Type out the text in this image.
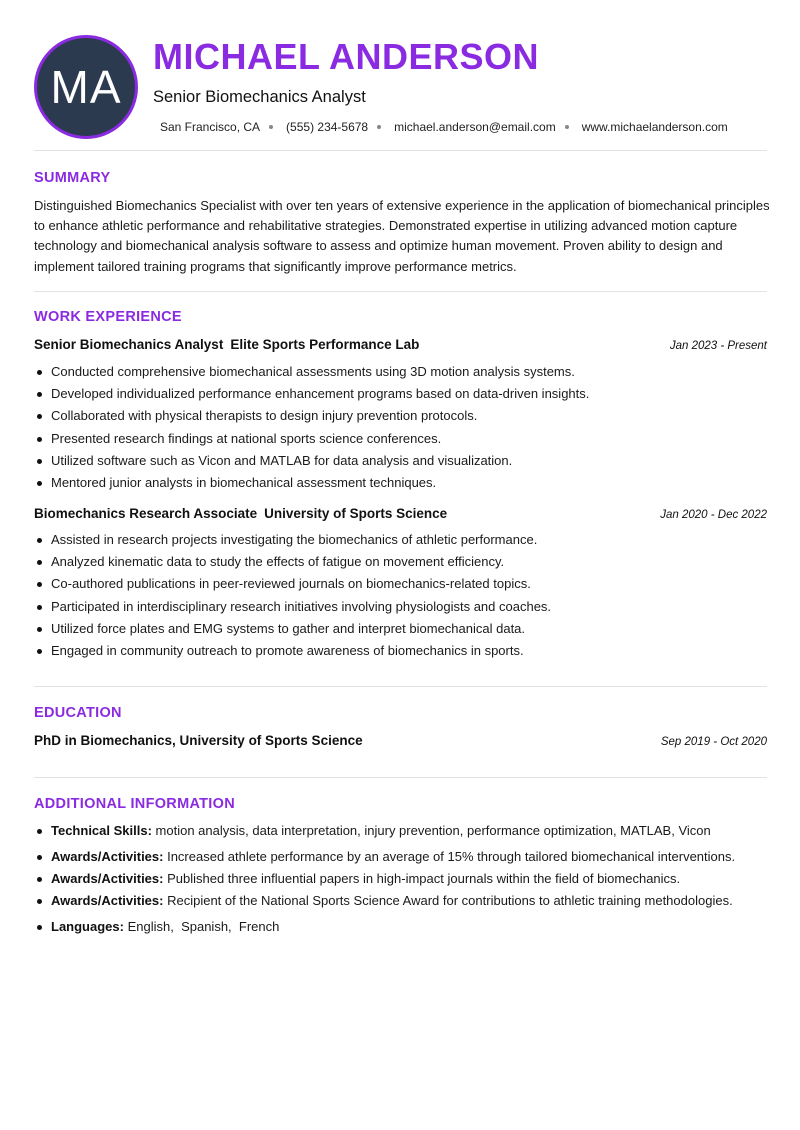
MA
MICHAEL ANDERSON
Senior Biomechanics Analyst
San Francisco, CA (555) 234-5678 michael.anderson@email.com www.michaelanderson.com
SUMMARY

Distinguished Biomechanics Specialist with over ten years of extensive experience in the application of biomechanical principles to enhance athletic performance and rehabilitative strategies. Demonstrated expertise in utilizing advanced motion capture technology and biomechanical analysis software to assess and optimize human movement. Proven ability to design and implement tailored training programs that significantly improve performance metrics.

WORK EXPERIENCE
Senior Biomechanics Analyst Elite Sports Performance Lab	Jan 2023 - Present
Conducted comprehensive biomechanical assessments using 3D motion analysis systems.
Developed individualized performance enhancement programs based on data-driven insights.
Collaborated with physical therapists to design injury prevention protocols.
Presented research findings at national sports science conferences.
Utilized software such as Vicon and MATLAB for data analysis and visualization.
Mentored junior analysts in biomechanical assessment techniques.
Biomechanics Research Associate University of Sports Science	Jan 2020 - Dec 2022
Assisted in research projects investigating the biomechanics of athletic performance.
Analyzed kinematic data to study the effects of fatigue on movement efficiency.
Co-authored publications in peer-reviewed journals on biomechanics-related topics.
Participated in interdisciplinary research initiatives involving physiologists and coaches.
Utilized force plates and EMG systems to gather and interpret biomechanical data.
Engaged in community outreach to promote awareness of biomechanics in sports.
EDUCATION
PhD in Biomechanics, University of Sports Science	Sep 2019 - Oct 2020
ADDITIONAL INFORMATION
Technical Skills: motion analysis, data interpretation, injury prevention, performance optimization, MATLAB, Vicon
Awards/Activities: Increased athlete performance by an average of 15% through tailored biomechanical interventions.
Awards/Activities: Published three influential papers in high-impact journals within the field of biomechanics.
Awards/Activities: Recipient of the National Sports Science Award for contributions to athletic training methodologies.
Languages: English,  Spanish,  French
